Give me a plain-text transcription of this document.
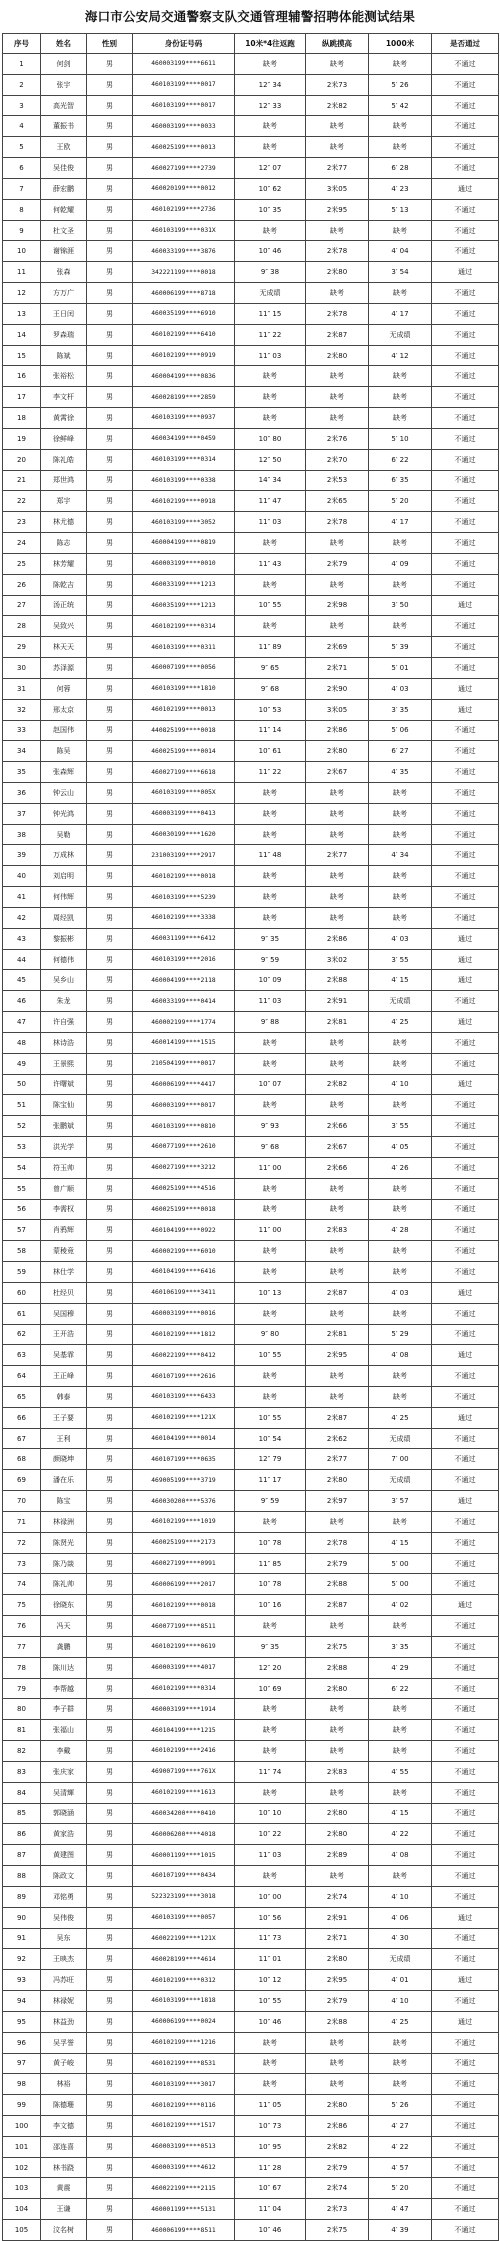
海口市公安局交通警察支队交通管理辅警招聘体能测试结果
序号	姓名	性别	身份证号码	10米*4往返跑	纵跳摸高	1000米	是否通过
1	何剑	男	460003199****6611	缺考	缺考	缺考	不通过
2	张宇	男	460103199****0017	12″ 34	2米73	5′ 26	不通过
3	高光智	男	460103199****0017	12″ 33	2米82	5′ 42	不通过
4	董振书	男	460003199****0033	缺考	缺考	缺考	不通过
5	王欧	男	460025199****0013	缺考	缺考	缺考	不通过
6	吴佳俊	男	460027199****2739	12″ 07	2米77	6′ 28	不通过
7	薛宏鹏	男	460020199****0012	10″ 62	3米05	4′ 23	通过
8	何乾耀	男	460102199****2736	10″ 35	2米95	5′ 13	不通过
9	杜文圣	男	460103199****031X	缺考	缺考	缺考	不通过
10	谢锦涯	男	460033199****3876	10″ 46	2米78	4′ 04	不通过
11	张森	男	342221199****0018	9″ 38	2米80	3′ 54	通过
12	方万广	男	460006199****8718	无成绩	缺考	缺考	不通过
13	王日闰	男	460035199****6910	11″ 15	2米78	4′ 17	不通过
14	罗森瑞	男	460102199****6410	11″ 22	2米87	无成绩	不通过
15	陈斌	男	460102199****0919	11″ 03	2米80	4′ 12	不通过
16	张裕松	男	460004199****0836	缺考	缺考	缺考	不通过
17	李文杆	男	460028199****2859	缺考	缺考	缺考	不通过
18	黄霄徐	男	460103199****0937	缺考	缺考	缺考	不通过
19	徐鲜峰	男	460034199****0459	10″ 80	2米76	5′ 10	不通过
20	陈礼皓	男	460103199****0314	12″ 50	2米70	6′ 22	不通过
21	郑世鸿	男	460103199****0338	14″ 34	2米53	6′ 35	不通过
22	郑宇	男	460102199****0918	11″ 47	2米65	5′ 20	不通过
23	林尤德	男	460103199****3052	11″ 03	2米78	4′ 17	不通过
24	陈志	男	460004199****0819	缺考	缺考	缺考	不通过
25	林芳耀	男	460003199****0010	11″ 43	2米79	4′ 09	不通过
26	陈乾吉	男	460033199****1213	缺考	缺考	缺考	不通过
27	汤正统	男	460035199****1213	10″ 55	2米98	3′ 50	通过
28	吴致兴	男	460102199****0314	缺考	缺考	缺考	不通过
29	林天天	男	460103199****0311	11″ 89	2米69	5′ 39	不通过
30	苏泽源	男	460007199****0056	9″ 65	2米71	5′ 01	不通过
31	何蓉	男	460103199****1810	9″ 68	2米90	4′ 03	通过
32	邢太京	男	460102199****0013	10″ 53	3米05	3′ 35	通过
33	赵国伟	男	440825199****0018	11″ 14	2米86	5′ 06	不通过
34	陈吴	男	460025199****0014	10″ 61	2米80	6′ 27	不通过
35	张森辉	男	460027199****6618	11″ 22	2米67	4′ 35	不通过
36	钟云山	男	460103199****005X	缺考	缺考	缺考	不通过
37	钟光鸿	男	460003199****0413	缺考	缺考	缺考	不通过
38	吴勒	男	460030199****1620	缺考	缺考	缺考	不通过
39	万成林	男	231003199****2917	11″ 48	2米77	4′ 34	不通过
40	刘启明	男	460102199****0018	缺考	缺考	缺考	不通过
41	何伟辉	男	460103199****5239	缺考	缺考	缺考	不通过
42	周经凯	男	460102199****3338	缺考	缺考	缺考	不通过
43	黎振彬	男	460031199****6412	9″ 35	2米86	4′ 03	通过
44	何德伟	男	460103199****2016	9″ 59	3米02	3′ 55	通过
45	吴乡山	男	460004199****2118	10″ 09	2米88	4′ 15	通过
46	朱龙	男	460033199****0414	11″ 03	2米91	无成绩	不通过
47	许自强	男	460002199****1774	9″ 88	2米81	4′ 25	通过
48	林诗浩	男	460014199****1515	缺考	缺考	缺考	不通过
49	王景熙	男	210504199****0017	缺考	缺考	缺考	不通过
50	许曙斌	男	460006199****4417	10″ 07	2米82	4′ 10	通过
51	陈宝仙	男	460003199****0017	缺考	缺考	缺考	不通过
52	张鹏斌	男	460103199****0810	9″ 93	2米66	3′ 55	不通过
53	洪光学	男	460077199****2610	9″ 68	2米67	4′ 05	不通过
54	符玉帅	男	460027199****3212	11″ 00	2米66	4′ 26	不通过
55	曾广顺	男	460025199****4516	缺考	缺考	缺考	不通过
56	李需权	男	460025199****0018	缺考	缺考	缺考	不通过
57	肖鸦辉	男	460104199****0922	11″ 00	2米83	4′ 28	不通过
58	蒙稜竟	男	460002199****6010	缺考	缺考	缺考	不通过
59	林仕学	男	460104199****6416	缺考	缺考	缺考	不通过
60	杜经贝	男	460106199****3411	10″ 13	2米87	4′ 03	通过
61	吴国穆	男	460003199****0016	缺考	缺考	缺考	不通过
62	王开浩	男	460102199****1812	9″ 80	2米81	5′ 29	不通过
63	吴基霏	男	460022199****0412	10″ 55	2米95	4′ 08	通过
64	王正峰	男	460107199****2616	缺考	缺考	缺考	不通过
65	韩泰	男	460103199****6433	缺考	缺考	缺考	不通过
66	王子要	男	460102199****121X	10″ 55	2米87	4′ 25	通过
67	王利	男	460104199****0014	10″ 54	2米62	无成绩	不通过
68	颜晓坤	男	460107199****0635	12″ 79	2米77	7′ 00	不通过
69	潘在乐	男	469005199****3719	11″ 17	2米80	无成绩	不通过
70	陈宝	男	460030200****5376	9″ 59	2米97	3′ 57	通过
71	林禄洲	男	460102199****1019	缺考	缺考	缺考	不通过
72	陈贤光	男	460025199****2173	10″ 78	2米78	4′ 15	不通过
73	陈乃燚	男	460027199****0991	11″ 85	2米79	5′ 00	不通过
74	陈礼帅	男	460006199****2017	10″ 78	2米88	5′ 00	不通过
75	徐晓东	男	460102199****0018	10″ 16	2米87	4′ 02	通过
76	冯天	男	460077199****8511	缺考	缺考	缺考	不通过
77	龚鹏	男	460102199****0619	9″ 35	2米75	3′ 35	不通过
78	陈川达	男	460003199****4017	12″ 20	2米88	4′ 29	不通过
79	李帮越	男	460102199****0314	10″ 69	2米80	6′ 22	不通过
80	李子群	男	460003199****1914	缺考	缺考	缺考	不通过
81	张福山	男	460104199****1215	缺考	缺考	缺考	不通过
82	李戴	男	460102199****2416	缺考	缺考	缺考	不通过
83	张庆家	男	469007199****761X	11″ 74	2米83	4′ 55	不通过
84	吴清輝	男	460102199****1613	缺考	缺考	缺考	不通过
85	郭晓涵	男	460034200****0410	10″ 10	2米80	4′ 15	不通过
86	黄家浩	男	460006200****4018	10″ 22	2米80	4′ 22	不通过
87	黄建图	男	460001199****1015	11″ 03	2米89	4′ 08	不通过
88	陈政文	男	460107199****0434	缺考	缺考	缺考	不通过
89	邓铭勇	男	522323199****3018	10″ 00	2米74	4′ 10	不通过
90	吴伟俊	男	460103199****0057	10″ 56	2米91	4′ 06	通过
91	吴东	男	460022199****121X	11″ 73	2米71	4′ 30	不通过
92	王映杰	男	460028199****4614	11″ 01	2米80	无成绩	不通过
93	冯苏旺	男	460102199****0312	10″ 12	2米95	4′ 01	通过
94	林禄妮	男	460103199****1818	10″ 55	2米79	4′ 10	不通过
95	林益劲	男	460006199****0024	10″ 46	2米88	4′ 25	通过
96	吴孚誉	男	460102199****1216	缺考	缺考	缺考	不通过
97	黄子峻	男	460102199****8531	缺考	缺考	缺考	不通过
98	林裕	男	460103199****3017	缺考	缺考	缺考	不通过
99	陈德珊	男	460102199****0116	11″ 05	2米80	5′ 26	不通过
100	李文德	男	460102199****1517	10″ 73	2米86	4′ 27	不通过
101	邵连喜	男	460003199****0513	10″ 95	2米82	4′ 22	不通过
102	林书跷	男	460003199****4612	11″ 28	2米79	4′ 57	不通过
103	黄震	男	460022199****2115	10″ 67	2米74	5′ 20	不通过
104	王谦	男	460001199****5131	11″ 04	2米73	4′ 47	不通过
105	汶名树	男	460006199****8511	10″ 46	2米75	4′ 39	不通过
